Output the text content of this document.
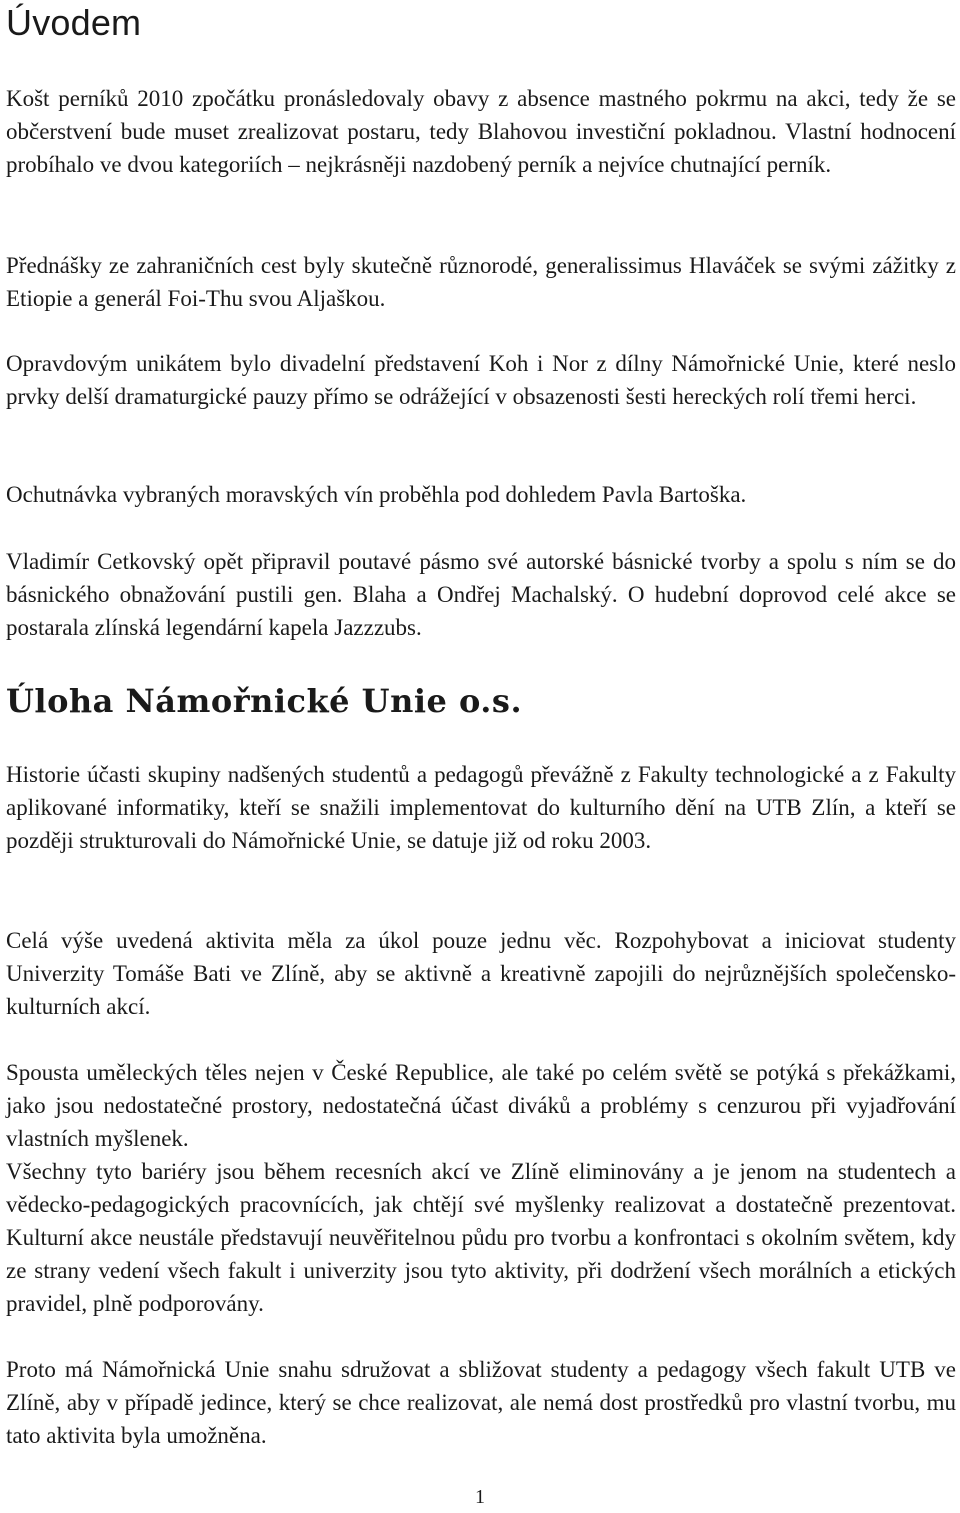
Úvodem

Košt perníků 2010 zpočátku pronásledovaly obavy z absence mastného pokrmu na akci, tedy že se občerstvení bude muset zrealizovat postaru, tedy Blahovou investiční pokladnou. Vlastní hodnocení probíhalo ve dvou kategoriích – nejkrásněji nazdobený perník a nejvíce chutnající perník.

Přednášky ze zahraničních cest byly skutečně různorodé, generalissimus Hlaváček se svými zážitky z Etiopie a generál Foi-Thu svou Aljaškou.

Opravdovým unikátem bylo divadelní představení Koh i Nor z dílny Námořnické Unie, které neslo prvky delší dramaturgické pauzy přímo se odrážející v obsazenosti šesti hereckých rolí třemi herci.

Ochutnávka vybraných moravských vín proběhla pod dohledem Pavla Bartoška.

Vladimír Cetkovský opět připravil poutavé pásmo své autorské básnické tvorby a spolu s ním se do básnického obnažování pustili gen. Blaha a Ondřej Machalský. O hudební doprovod celé akce se postarala zlínská legendární kapela Jazzzubs.

Úloha Námořnické Unie o.s.

Historie účasti skupiny nadšených studentů a pedagogů převážně z Fakulty technologické a z Fakulty aplikované informatiky, kteří se snažili implementovat do kulturního dění na UTB Zlín, a kteří se později strukturovali do Námořnické Unie, se datuje již od roku 2003.

Celá výše uvedená aktivita měla za úkol pouze jednu věc. Rozpohybovat a iniciovat studenty Univerzity Tomáše Bati ve Zlíně, aby se aktivně a kreativně zapojili do nejrůznějších společensko-kulturních akcí.

Spousta uměleckých těles nejen v České Republice, ale také po celém světě se potýká s překážkami, jako jsou nedostatečné prostory, nedostatečná účast diváků a problémy s cenzurou při vyjadřování vlastních myšlenek.

Všechny tyto bariéry jsou během recesních akcí ve Zlíně eliminovány a je jenom na studentech a vědecko-pedagogických pracovnících, jak chtějí své myšlenky realizovat a dostatečně prezentovat. Kulturní akce neustále představují neuvěřitelnou půdu pro tvorbu a konfrontaci s okolním světem, kdy ze strany vedení všech fakult i univerzity jsou tyto aktivity, při dodržení všech morálních a etických pravidel, plně podporovány.

Proto má Námořnická Unie snahu sdružovat a sbližovat studenty a pedagogy všech fakult UTB ve Zlíně, aby v případě jedince, který se chce realizovat, ale nemá dost prostředků pro vlastní tvorbu, mu tato aktivita byla umožněna.

1
